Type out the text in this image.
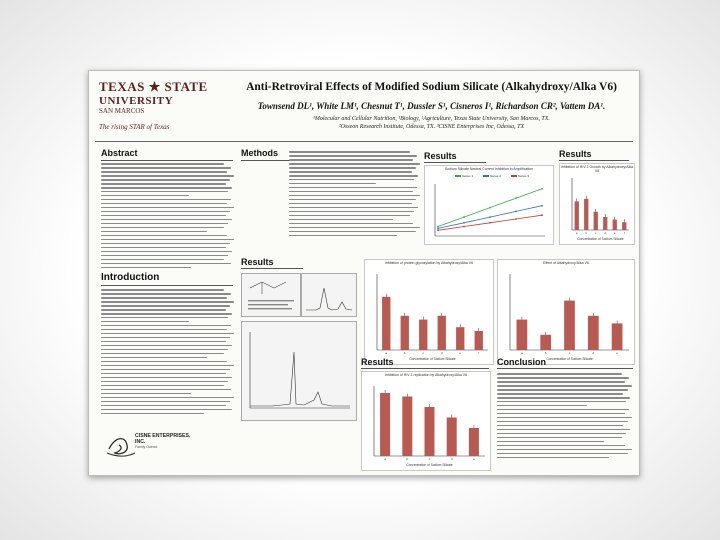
TEXAS ★ STATE
UNIVERSITY
SAN MARCOS
The rising STAR of Texas
Anti-Retroviral Effects of Modified Sodium Silicate (Alkahydroxy/Alka V6)
Townsend DL¹, White LM¹, Chesnut T¹, Dussler S¹, Cisneros I¹, Richardson CR², Vattem DA¹.
¹Molecular and Cellular Nutrition, ¹Biology, ¹Agriculture, Texas State University, San Marcos, TX.
²Osseon Research Institute, Odessa, TX. ³CISNE Enterprises Inc, Odessa, TX
Abstract
Introduction
CISNE ENTERPRISES, INC.
Family Owned
Methods	Results
Sodium Silicate Neutral Current Inhibition in Amplification
Series 1	Series 2	Series 3
Results
Inhibition of HIV-1 Growth by Alkahydroxy/Alka V6
a	b	c	d	e	f
Concentration of Sodium Silicate
Results	Inhibition of protein glycosylation by Alkahydroxy/Alka V6
a	b	c	d	e	f
Concentration of Sodium Silicate
Effect of Alkahydroxy/Alka V6
a	b	c	d	e
Concentration of Sodium Silicate
Results
Inhibition of HIV-1 replication by Alkahydroxy/Alka V6
a	b	c	d	e
Concentration of Sodium Silicate
Conclusion
